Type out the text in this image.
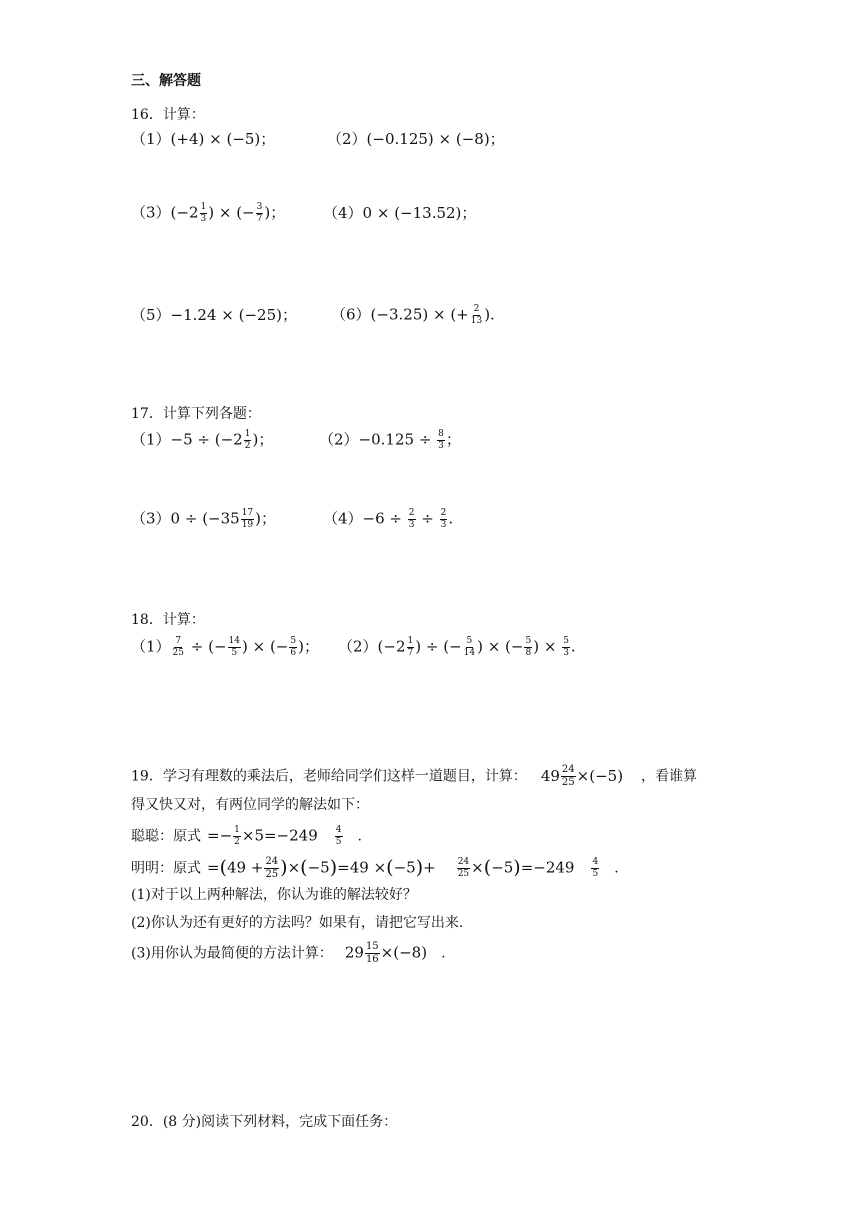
三、解答题
16．计算：
（1）(+4) × (−5)；	（2）(−0.125) × (−8)；
$(3)(-2 \frac{1}{3}$ ) × (− $\frac{3}{7}$ )；	（4）0 × (−13.52)；
（5）−1.24 × (−25)； （6）(−3.25) × (+ $\frac{2}{13}$ ).
17．计算下列各题：
$(1)-5 \div (-2 \frac{1}{2}$ )；	$(2)-0.125 \div \frac{8}{3}$ ；
$(3)0 \div (-35 \frac{17}{19}$ )；	$(4)-6 \div \frac{2}{3} \div \frac{2}{3}$ .
18．计算：
$(1) \frac{7}{25}$ ÷ (− $\frac{14}{5}$ ) × (− $\frac{5}{6}$ )； $(2)(-2 \frac{1}{7}$ ) ÷ (− $\frac{5}{14}$ ) × (− $\frac{5}{8}$ ) × $\frac{5}{3}$ .
19．学习有理数的乘法后，老师给同学们这样一道题目，计算： $49 \frac{24}{25} \times(-5)$ ，看谁算
得又快又对，有两位同学的解法如下：
聪聪：原式 =− $\frac{1}{2} \times 5=-249 \frac{4}{5}$ .
明明：原式 $=(49 + \frac{24}{25} )\times(-5)=49 \times(-5)+ \frac{24}{25} \times(-5)=-249 \frac{4}{5}$ .
(1)对于以上两种解法，你认为谁的解法较好？
(2)你认为还有更好的方法吗？如果有，请把它写出来.
(3)用你认为最简便的方法计算： $29 \frac{15}{16} \times(-8)$ .
20．(8 分)阅读下列材料，完成下面任务：
